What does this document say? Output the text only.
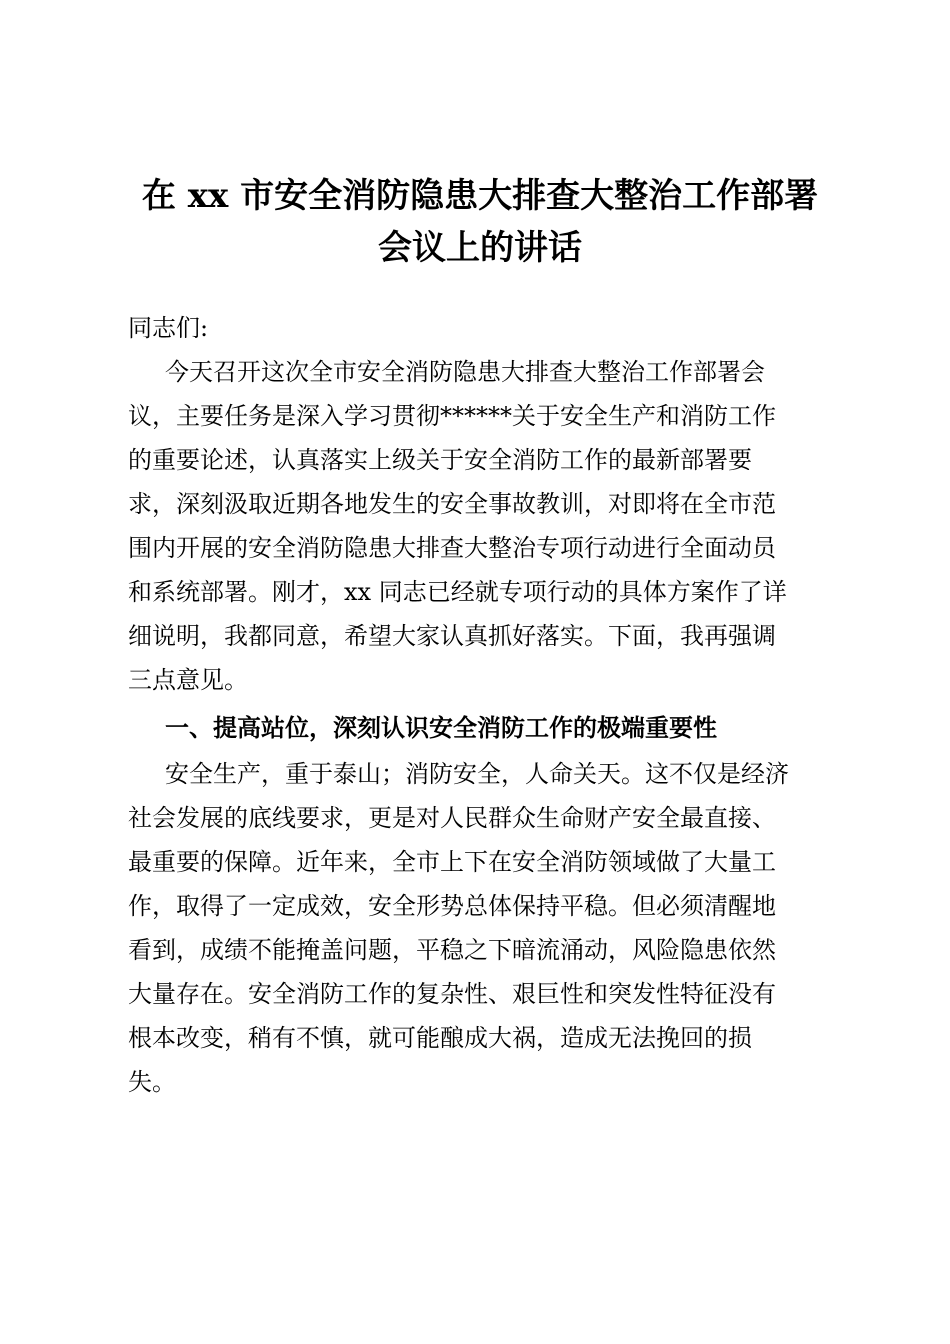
在 xx 市安全消防隐患大排查大整治工作部署
会议上的讲话

同志们:

今天召开这次全市安全消防隐患大排查大整治工作部署会

议，主要任务是深入学习贯彻******关于安全生产和消防工作

的重要论述，认真落实上级关于安全消防工作的最新部署要

求，深刻汲取近期各地发生的安全事故教训，对即将在全市范

围内开展的安全消防隐患大排查大整治专项行动进行全面动员

和系统部署。刚才，xx 同志已经就专项行动的具体方案作了详

细说明，我都同意，希望大家认真抓好落实。下面，我再强调

三点意见。

一、提高站位，深刻认识安全消防工作的极端重要性

安全生产，重于泰山；消防安全，人命关天。这不仅是经济

社会发展的底线要求，更是对人民群众生命财产安全最直接、

最重要的保障。近年来，全市上下在安全消防领域做了大量工

作，取得了一定成效，安全形势总体保持平稳。但必须清醒地

看到，成绩不能掩盖问题，平稳之下暗流涌动，风险隐患依然

大量存在。安全消防工作的复杂性、艰巨性和突发性特征没有

根本改变，稍有不慎，就可能酿成大祸，造成无法挽回的损

失。
